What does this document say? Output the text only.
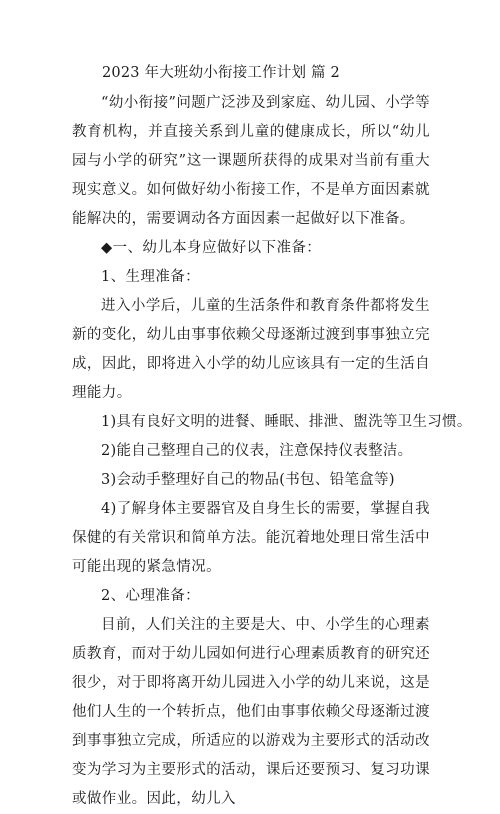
2023 年大班幼小衔接工作计划 篇 2

“幼小衔接”问题广泛涉及到家庭、幼儿园、小学等教育机构，并直接关系到儿童的健康成长，所以“幼儿园与小学的研究”这一课题所获得的成果对当前有重大现实意义。如何做好幼小衔接工作，不是单方面因素就能解决的，需要调动各方面因素一起做好以下准备。

◆一、幼儿本身应做好以下准备：

1、生理准备：

进入小学后，儿童的生活条件和教育条件都将发生新的变化，幼儿由事事依赖父母逐渐过渡到事事独立完成，因此，即将进入小学的幼儿应该具有一定的生活自理能力。

1)具有良好文明的进餐、睡眠、排泄、盥洗等卫生习惯。

2)能自己整理自己的仪表，注意保持仪表整洁。

3)会动手整理好自己的物品(书包、铅笔盒等)

4)了解身体主要器官及自身生长的需要，掌握自我保健的有关常识和简单方法。能沉着地处理日常生活中可能出现的紧急情况。

2、心理准备：

目前，人们关注的主要是大、中、小学生的心理素质教育，而对于幼儿园如何进行心理素质教育的研究还很少，对于即将离开幼儿园进入小学的幼儿来说，这是他们人生的一个转折点，他们由事事依赖父母逐渐过渡到事事独立完成，所适应的以游戏为主要形式的活动改变为学习为主要形式的活动，课后还要预习、复习功课或做作业。因此，幼儿入
